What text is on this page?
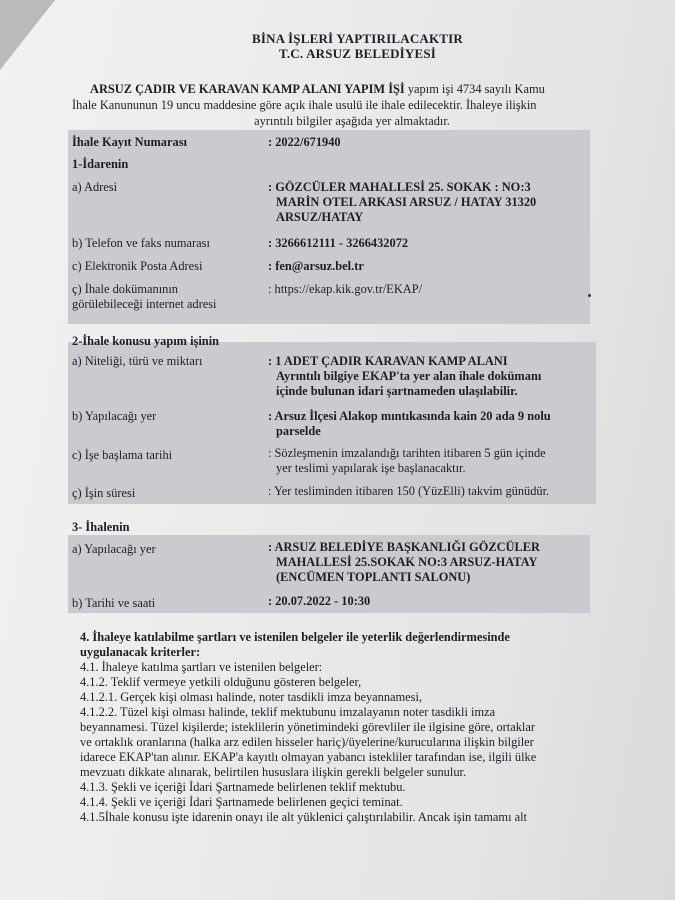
BİNA İŞLERİ YAPTIRILACAKTIR
T.C. ARSUZ BELEDİYESİ
ARSUZ ÇADIR VE KARAVAN KAMP ALANI YAPIM İŞİ yapım işi 4734 sayılı Kamu
İhale Kanununun 19 uncu maddesine göre açık ihale usulü ile ihale edilecektir. İhaleye ilişkin
ayrıntılı bilgiler aşağıda yer almaktadır.
İhale Kayıt Numarası	: 2022/671940
1-İdarenin
a) Adresi	: GÖZCÜLER MAHALLESİ 25. SOKAK : NO:3
MARİN OTEL ARKASI ARSUZ / HATAY 31320
ARSUZ/HATAY
b) Telefon ve faks numarası	: 3266612111 - 3266432072
c) Elektronik Posta Adresi	: fen@arsuz.bel.tr
ç) İhale dokümanının
görülebileceği internet adresi
: https://ekap.kik.gov.tr/EKAP/
2-İhale konusu yapım işinin
a) Niteliği, türü ve miktarı	: 1 ADET ÇADIR KARAVAN KAMP ALANI
Ayrıntılı bilgiye EKAP'ta yer alan ihale dokümanı
içinde bulunan idari şartnameden ulaşılabilir.
b) Yapılacağı yer	: Arsuz İlçesi Alakop mıntıkasında kain 20 ada 9 nolu
parselde
c) İşe başlama tarihi	: Sözleşmenin imzalandığı tarihten itibaren 5 gün içinde
yer teslimi yapılarak işe başlanacaktır.
ç) İşin süresi	: Yer tesliminden itibaren 150 (YüzElli) takvim günüdür.
3- İhalenin
a) Yapılacağı yer	: ARSUZ BELEDİYE BAŞKANLIĞI GÖZCÜLER
MAHALLESİ 25.SOKAK NO:3 ARSUZ-HATAY
(ENCÜMEN TOPLANTI SALONU)
b) Tarihi ve saati	: 20.07.2022 - 10:30
4. İhaleye katılabilme şartları ve istenilen belgeler ile yeterlik değerlendirmesinde
uygulanacak kriterler:
4.1. İhaleye katılma şartları ve istenilen belgeler:
4.1.2. Teklif vermeye yetkili olduğunu gösteren belgeler,
4.1.2.1. Gerçek kişi olması halinde, noter tasdikli imza beyannamesi,
4.1.2.2. Tüzel kişi olması halinde, teklif mektubunu imzalayanın noter tasdikli imza
beyannamesi. Tüzel kişilerde; isteklilerin yönetimindeki görevliler ile ilgisine göre, ortaklar
ve ortaklık oranlarına (halka arz edilen hisseler hariç)/üyelerine/kurucularına ilişkin bilgiler
idarece EKAP'tan alınır. EKAP'a kayıtlı olmayan yabancı istekliler tarafından ise, ilgili ülke
mevzuatı dikkate alınarak, belirtilen hususlara ilişkin gerekli belgeler sunulur.
4.1.3. Şekli ve içeriği İdari Şartnamede belirlenen teklif mektubu.
4.1.4. Şekli ve içeriği İdari Şartnamede belirlenen geçici teminat.
4.1.5İhale konusu işte idarenin onayı ile alt yüklenici çalıştırılabilir. Ancak işin tamamı alt
